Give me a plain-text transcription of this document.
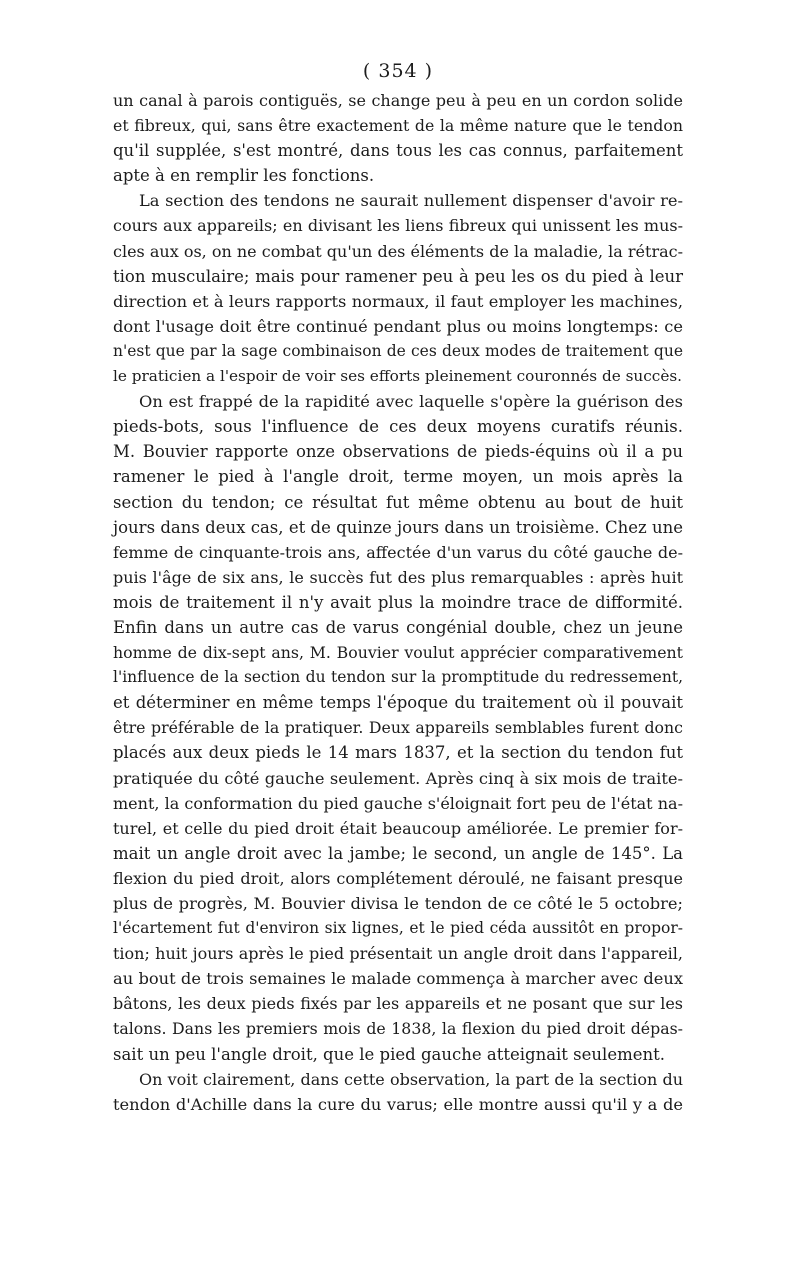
( 354 )
un canal à parois contiguës, se change peu à peu en un cordon solide
et fibreux, qui, sans être exactement de la même nature que le tendon
qu'il supplée, s'est montré, dans tous les cas connus, parfaitement
apte à en remplir les fonctions.
La section des tendons ne saurait nullement dispenser d'avoir re-
cours aux appareils; en divisant les liens fibreux qui unissent les mus-
cles aux os, on ne combat qu'un des éléments de la maladie, la rétrac-
tion musculaire; mais pour ramener peu à peu les os du pied à leur
direction et à leurs rapports normaux, il faut employer les machines,
dont l'usage doit être continué pendant plus ou moins longtemps: ce
n'est que par la sage combinaison de ces deux modes de traitement que
le praticien a l'espoir de voir ses efforts pleinement couronnés de succès.
On est frappé de la rapidité avec laquelle s'opère la guérison des
pieds-bots, sous l'influence de ces deux moyens curatifs réunis.
M. Bouvier rapporte onze observations de pieds-équins où il a pu
ramener le pied à l'angle droit, terme moyen, un mois après la
section du tendon; ce résultat fut même obtenu au bout de huit
jours dans deux cas, et de quinze jours dans un troisième. Chez une
femme de cinquante-trois ans, affectée d'un varus du côté gauche de-
puis l'âge de six ans, le succès fut des plus remarquables : après huit
mois de traitement il n'y avait plus la moindre trace de difformité.
Enfin dans un autre cas de varus congénial double, chez un jeune
homme de dix-sept ans, M. Bouvier voulut apprécier comparativement
l'influence de la section du tendon sur la promptitude du redressement,
et déterminer en même temps l'époque du traitement où il pouvait
être préférable de la pratiquer. Deux appareils semblables furent donc
placés aux deux pieds le 14 mars 1837, et la section du tendon fut
pratiquée du côté gauche seulement. Après cinq à six mois de traite-
ment, la conformation du pied gauche s'éloignait fort peu de l'état na-
turel, et celle du pied droit était beaucoup améliorée. Le premier for-
mait un angle droit avec la jambe; le second, un angle de 145°. La
flexion du pied droit, alors complétement déroulé, ne faisant presque
plus de progrès, M. Bouvier divisa le tendon de ce côté le 5 octobre;
l'écartement fut d'environ six lignes, et le pied céda aussitôt en propor-
tion; huit jours après le pied présentait un angle droit dans l'appareil,
au bout de trois semaines le malade commença à marcher avec deux
bâtons, les deux pieds fixés par les appareils et ne posant que sur les
talons. Dans les premiers mois de 1838, la flexion du pied droit dépas-
sait un peu l'angle droit, que le pied gauche atteignait seulement.
On voit clairement, dans cette observation, la part de la section du
tendon d'Achille dans la cure du varus; elle montre aussi qu'il y a de
